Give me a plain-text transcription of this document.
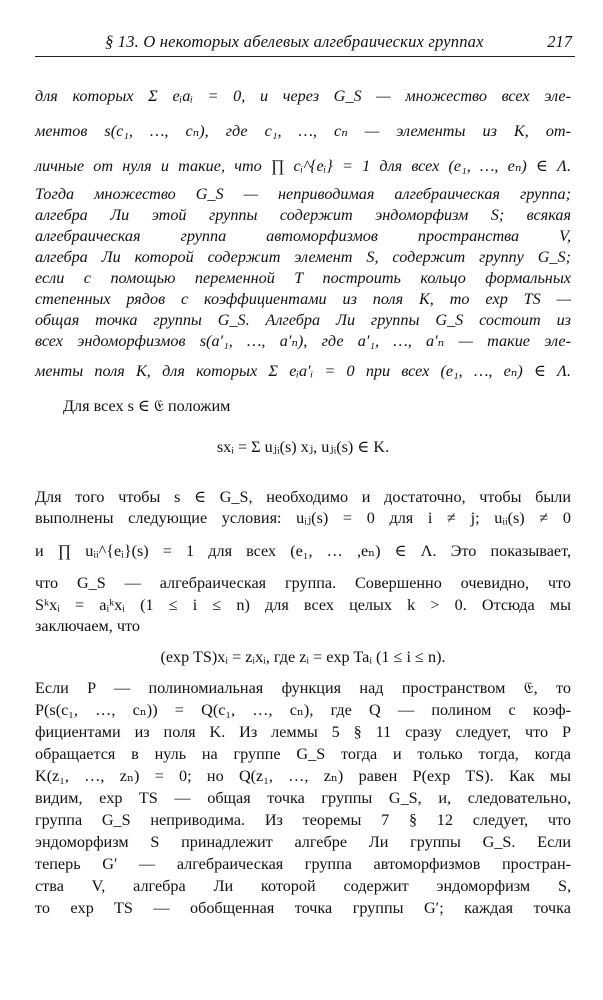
§ 13. О некоторых абелевых алгебраических группах	217
для которых Σ eᵢaᵢ = 0, и через G_S — множество всех эле-
ментов s(c₁, …, cₙ), где c₁, …, cₙ — элементы из K, от-
личные от нуля и такие, что ∏ cᵢ^{eᵢ} = 1 для всех (e₁, …, eₙ) ∈ Λ.
Тогда множество G_S — неприводимая алгебраическая группа;
алгебра Ли этой группы содержит эндоморфизм S; всякая
алгебраическая группа автоморфизмов пространства V,
алгебра Ли которой содержит элемент S, содержит группу G_S;
если с помощью переменной T построить кольцо формальных
степенных рядов с коэффициентами из поля K, то exp TS —
общая точка группы G_S. Алгебра Ли группы G_S состоит из
всех эндоморфизмов s(a′₁, …, a′ₙ), где a′₁, …, a′ₙ — такие эле-
менты поля K, для которых Σ eᵢa′ᵢ = 0 при всех (e₁, …, eₙ) ∈ Λ.
Для всех s ∈ 𝔈 положим
sxᵢ = Σ uⱼᵢ(s) xⱼ, uⱼᵢ(s) ∈ K.
Для того чтобы s ∈ G_S, необходимо и достаточно, чтобы были
выполнены следующие условия: uᵢⱼ(s) = 0 для i ≠ j; uᵢᵢ(s) ≠ 0
и ∏ uᵢᵢ^{eᵢ}(s) = 1 для всех (e₁, … ,eₙ) ∈ Λ. Это показывает,
что G_S — алгебраическая группа. Совершенно очевидно, что
Sᵏxᵢ = aᵢᵏxᵢ (1 ≤ i ≤ n) для всех целых k > 0. Отсюда мы
заключаем, что
(exp TS)xᵢ = zᵢxᵢ, где zᵢ = exp Taᵢ (1 ≤ i ≤ n).
Если P — полиномиальная функция над пространством 𝔈, то
P(s(c₁, …, cₙ)) = Q(c₁, …, cₙ), где Q — полином с коэф-
фициентами из поля K. Из леммы 5 § 11 сразу следует, что P
обращается в нуль на группе G_S тогда и только тогда, когда
K(z₁, …, zₙ) = 0; но Q(z₁, …, zₙ) равен P(exp TS). Как мы
видим, exp TS — общая точка группы G_S, и, следовательно,
группа G_S неприводима. Из теоремы 7 § 12 следует, что
эндоморфизм S принадлежит алгебре Ли группы G_S. Если
теперь G′ — алгебраическая группа автоморфизмов простран-
ства V, алгебра Ли которой содержит эндоморфизм S,
то exp TS — обобщенная точка группы G′; каждая точка
